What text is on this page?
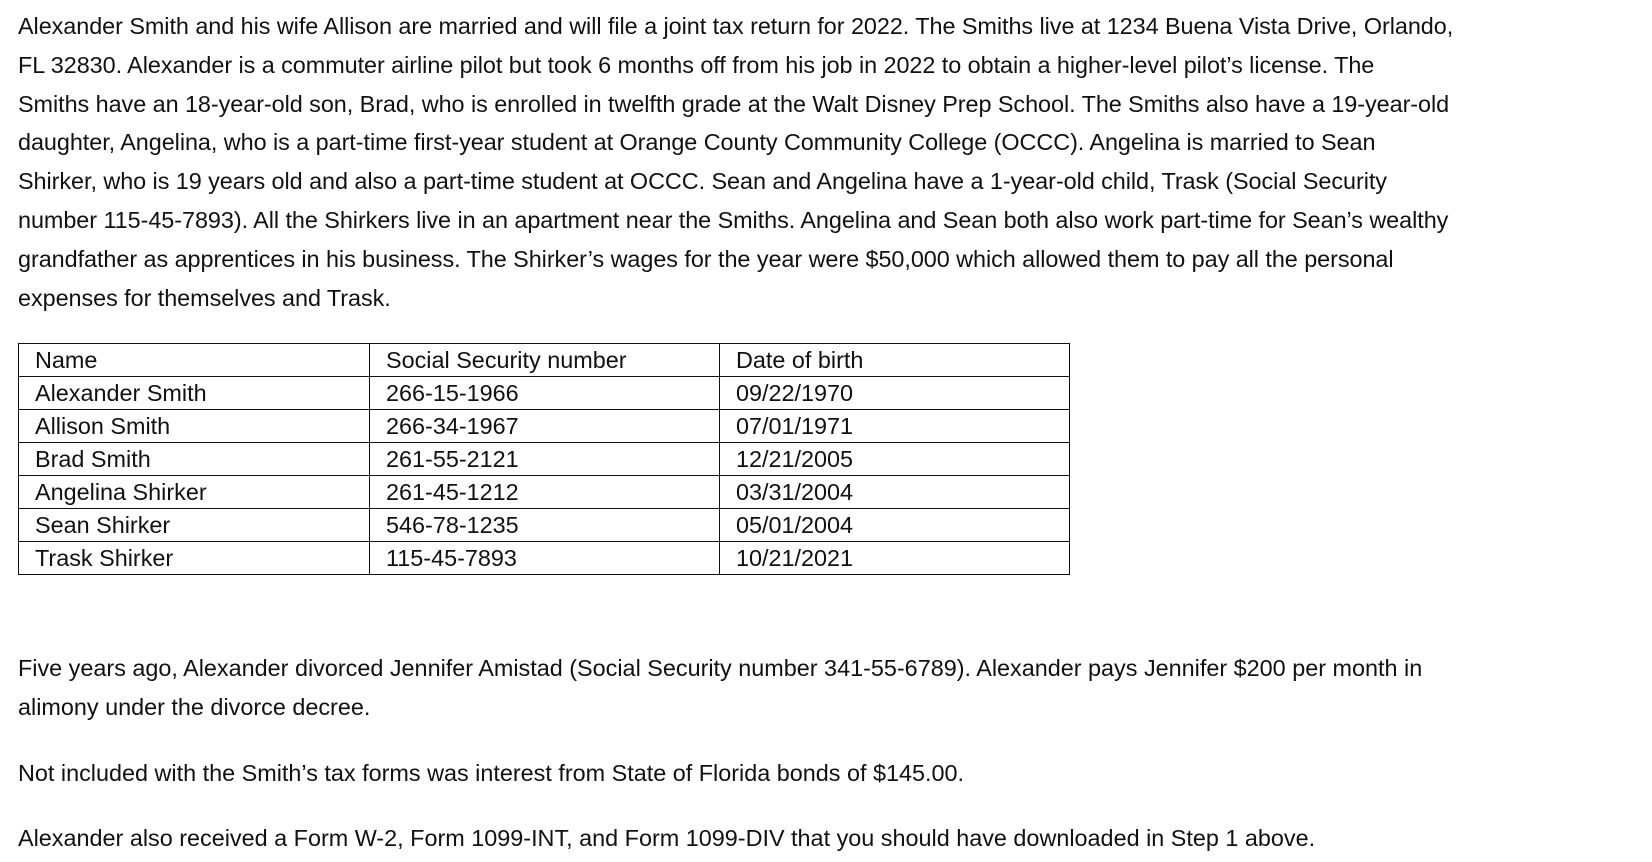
Alexander Smith and his wife Allison are married and will file a joint tax return for 2022. The Smiths live at 1234 Buena Vista Drive, Orlando,
FL 32830. Alexander is a commuter airline pilot but took 6 months off from his job in 2022 to obtain a higher-level pilot’s license. The
Smiths have an 18-year-old son, Brad, who is enrolled in twelfth grade at the Walt Disney Prep School. The Smiths also have a 19-year-old
daughter, Angelina, who is a part-time first-year student at Orange County Community College (OCCC). Angelina is married to Sean
Shirker, who is 19 years old and also a part-time student at OCCC. Sean and Angelina have a 1-year-old child, Trask (Social Security
number 115-45-7893). All the Shirkers live in an apartment near the Smiths. Angelina and Sean both also work part-time for Sean’s wealthy
grandfather as apprentices in his business. The Shirker’s wages for the year were $50,000 which allowed them to pay all the personal
expenses for themselves and Trask.

Name	Social Security number	Date of birth
Alexander Smith	266-15-1966	09/22/1970
Allison Smith	266-34-1967	07/01/1971
Brad Smith	261-55-2121	12/21/2005
Angelina Shirker	261-45-1212	03/31/2004
Sean Shirker	546-78-1235	05/01/2004
Trask Shirker	115-45-7893	10/21/2021

Five years ago, Alexander divorced Jennifer Amistad (Social Security number 341-55-6789). Alexander pays Jennifer $200 per month in
alimony under the divorce decree.

Not included with the Smith’s tax forms was interest from State of Florida bonds of $145.00.

Alexander also received a Form W-2, Form 1099-INT, and Form 1099-DIV that you should have downloaded in Step 1 above.
